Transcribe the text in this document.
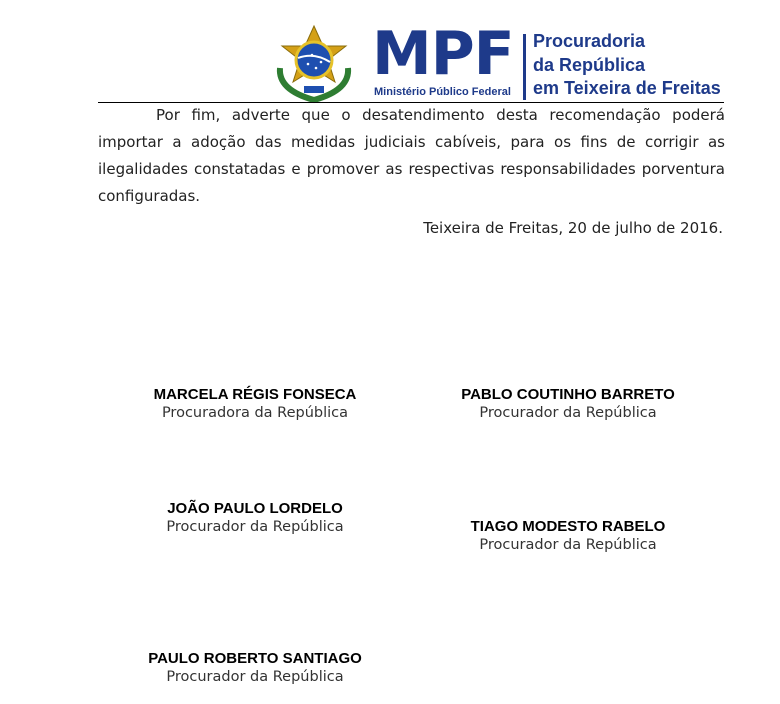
MPF
Ministério Público Federal
Procuradoria
da República
em Teixeira de Freitas

Por fim, adverte que o desatendimento desta recomendação poderá importar a adoção das medidas judiciais cabíveis, para os fins de corrigir as ilegalidades constatadas e promover as respectivas responsabilidades porventura configuradas.

Teixeira de Freitas, 20 de julho de 2016.
MARCELA RÉGIS FONSECA
Procuradora da República
PABLO COUTINHO BARRETO
Procurador da República
JOÃO PAULO LORDELO
Procurador da República	TIAGO MODESTO RABELO
Procurador da República
PAULO ROBERTO SANTIAGO
Procurador da República
